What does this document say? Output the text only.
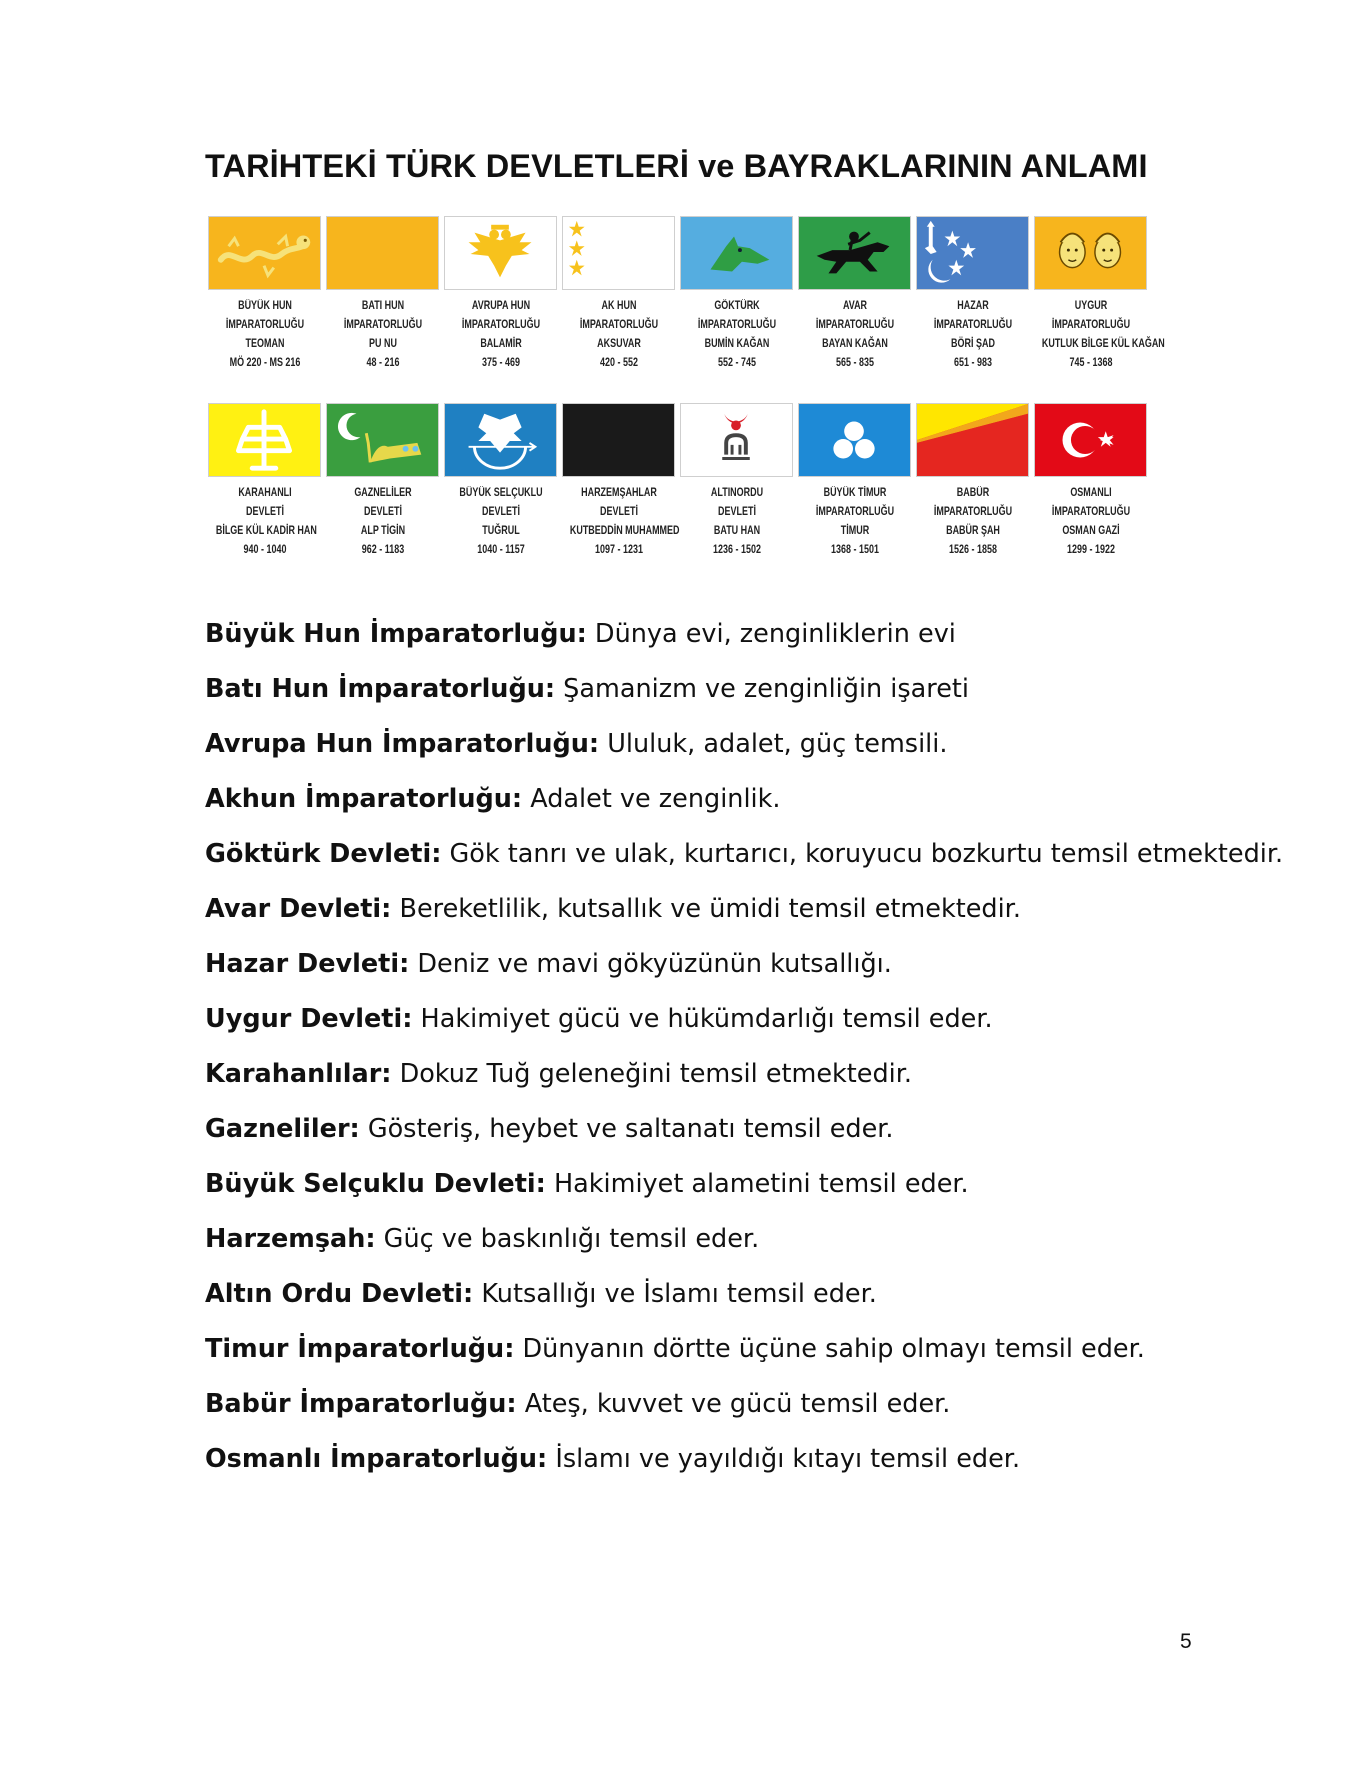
TARİHTEKİ TÜRK DEVLETLERİ ve BAYRAKLARININ ANLAMI
BÜYÜK HUN
İMPARATORLUĞU
TEOMAN
MÖ 220 - MS 216
BATI HUN
İMPARATORLUĞU
PU NU
48 - 216
AVRUPA HUN
İMPARATORLUĞU
BALAMİR
375 - 469
AK HUN
İMPARATORLUĞU
AKSUVAR
420 - 552
GÖKTÜRK
İMPARATORLUĞU
BUMİN KAĞAN
552 - 745
AVAR
İMPARATORLUĞU
BAYAN KAĞAN
565 - 835
HAZAR
İMPARATORLUĞU
BÖRİ ŞAD
651 - 983
UYGUR
İMPARATORLUĞU
KUTLUK BİLGE KÜL KAĞAN
745 - 1368
KARAHANLI
DEVLETİ
BİLGE KÜL KADİR HAN
940 - 1040
GAZNELİLER
DEVLETİ
ALP TİGİN
962 - 1183
BÜYÜK SELÇUKLU
DEVLETİ
TUĞRUL
1040 - 1157
HARZEMŞAHLAR
DEVLETİ
KUTBEDDİN MUHAMMED
1097 - 1231
ALTINORDU
DEVLETİ
BATU HAN
1236 - 1502
BÜYÜK TİMUR
İMPARATORLUĞU
TİMUR
1368 - 1501
BABÜR
İMPARATORLUĞU
BABÜR ŞAH
1526 - 1858
OSMANLI
İMPARATORLUĞU
OSMAN GAZİ
1299 - 1922
Büyük Hun İmparatorluğu: Dünya evi, zenginliklerin evi
Batı Hun İmparatorluğu: Şamanizm ve zenginliğin işareti
Avrupa Hun İmparatorluğu: Ululuk, adalet, güç temsili.
Akhun İmparatorluğu: Adalet ve zenginlik.
Göktürk Devleti: Gök tanrı ve ulak, kurtarıcı, koruyucu bozkurtu temsil etmektedir.
Avar Devleti: Bereketlilik, kutsallık ve ümidi temsil etmektedir.
Hazar Devleti: Deniz ve mavi gökyüzünün kutsallığı.
Uygur Devleti: Hakimiyet gücü ve hükümdarlığı temsil eder.
Karahanlılar: Dokuz Tuğ geleneğini temsil etmektedir.
Gazneliler: Gösteriş, heybet ve saltanatı temsil eder.
Büyük Selçuklu Devleti: Hakimiyet alametini temsil eder.
Harzemşah: Güç ve baskınlığı temsil eder.
Altın Ordu Devleti: Kutsallığı ve İslamı temsil eder.
Timur İmparatorluğu: Dünyanın dörtte üçüne sahip olmayı temsil eder.
Babür İmparatorluğu: Ateş, kuvvet ve gücü temsil eder.
Osmanlı İmparatorluğu: İslamı ve yayıldığı kıtayı temsil eder.
5
